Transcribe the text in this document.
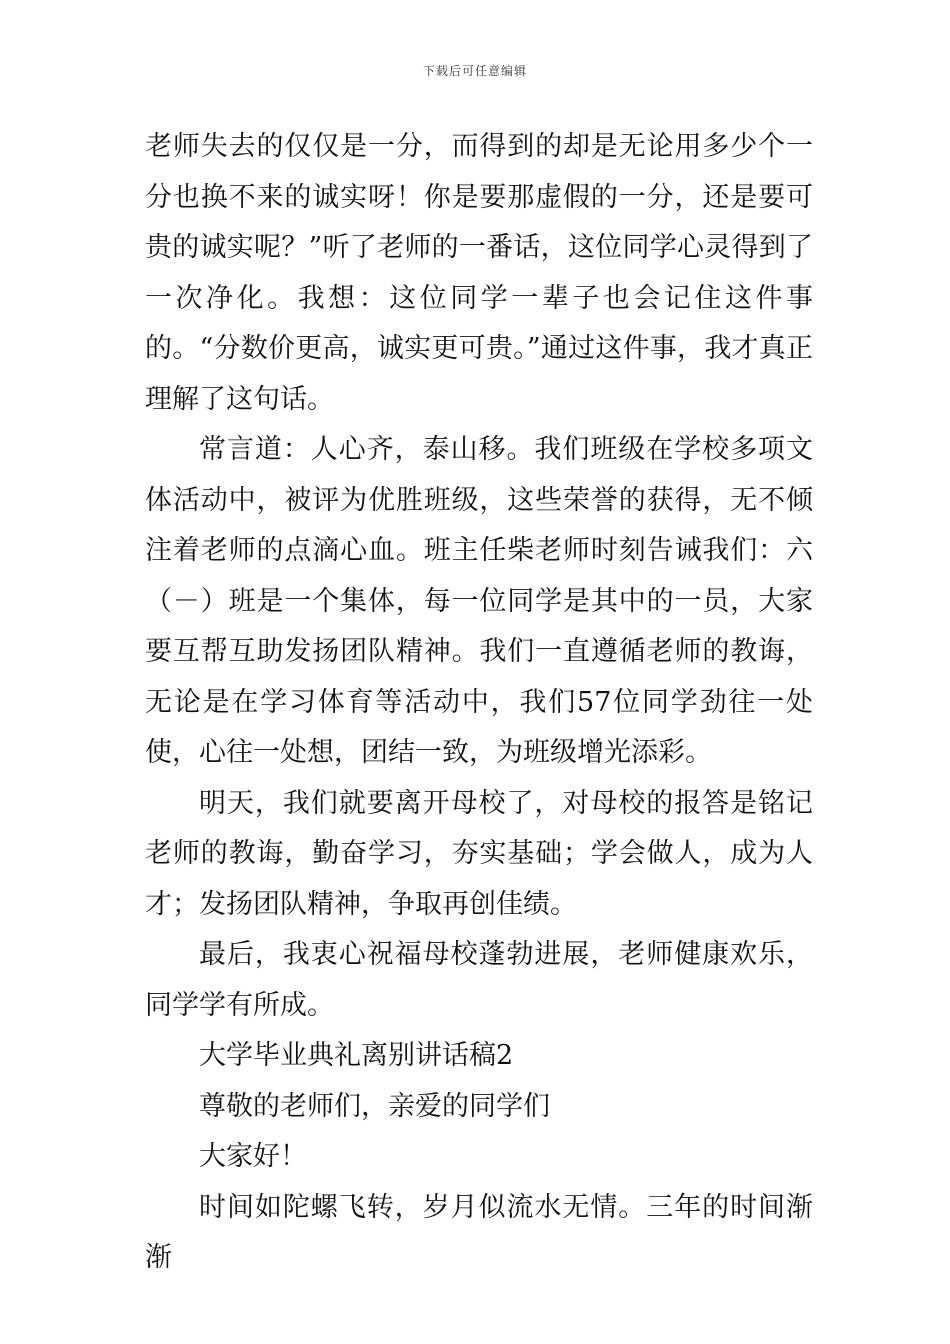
下载后可任意编辑

老师失去的仅仅是一分，而得到的却是无论用多少个一分也换不来的诚实呀！你是要那虚假的一分，还是要可贵的诚实呢？”听了老师的一番话，这位同学心灵得到了一次净化。我想：这位同学一辈子也会记住这件事的。“分数价更高，诚实更可贵。”通过这件事，我才真正理解了这句话。

常言道：人心齐，泰山移。我们班级在学校多项文体活动中，被评为优胜班级，这些荣誉的获得，无不倾注着老师的点滴心血。班主任柴老师时刻告诫我们：六（－）班是一个集体，每一位同学是其中的一员，大家要互帮互助发扬团队精神。我们一直遵循老师的教诲，无论是在学习体育等活动中，我们57位同学劲往一处使，心往一处想，团结一致，为班级增光添彩。

明天，我们就要离开母校了，对母校的报答是铭记老师的教诲，勤奋学习，夯实基础；学会做人，成为人才；发扬团队精神，争取再创佳绩。

最后，我衷心祝福母校蓬勃进展，老师健康欢乐，同学学有所成。

大学毕业典礼离别讲话稿2

尊敬的老师们，亲爱的同学们

大家好！

时间如陀螺飞转，岁月似流水无情。三年的时间渐渐
